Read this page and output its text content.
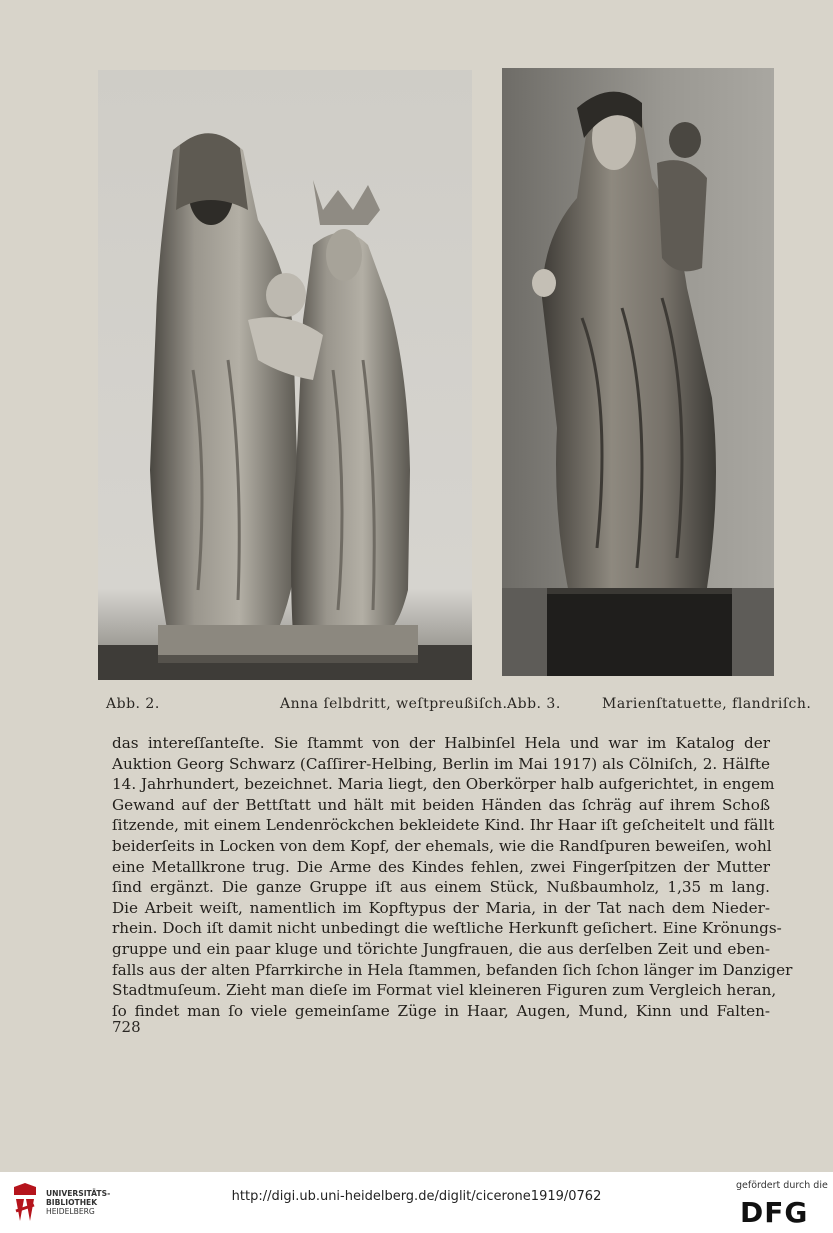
Abb. 2.	Anna ſelbdritt, weſtpreußiſch. Abb. 3.	Marienſtatuette, flandriſch.
das intereſſanteſte. Sie ſtammt von der Halbinſel Hela und war im Katalog der
Auktion Georg Schwarz (Caſſirer-Helbing, Berlin im Mai 1917) als Cölniſch, 2. Hälfte
14. Jahrhundert, bezeichnet. Maria liegt, den Oberkörper halb aufgerichtet, in engem
Gewand auf der Bettſtatt und hält mit beiden Händen das ſchräg auf ihrem Schoß
ſitzende, mit einem Lendenröckchen bekleidete Kind. Ihr Haar iſt geſcheitelt und fällt
beiderſeits in Locken von dem Kopf, der ehemals, wie die Randſpuren beweiſen, wohl
eine Metallkrone trug. Die Arme des Kindes fehlen, zwei Fingerſpitzen der Mutter
ſind ergänzt. Die ganze Gruppe iſt aus einem Stück, Nußbaumholz, 1,35 m lang.
Die Arbeit weiſt, namentlich im Kopftypus der Maria, in der Tat nach dem Nieder-
rhein. Doch iſt damit nicht unbedingt die weſtliche Herkunft geſichert. Eine Krönungs-
gruppe und ein paar kluge und törichte Jungfrauen, die aus derſelben Zeit und eben-
falls aus der alten Pfarrkirche in Hela ſtammen, befanden ſich ſchon länger im Danziger
Stadtmuſeum. Zieht man dieſe im Format viel kleineren Figuren zum Vergleich heran,
ſo findet man ſo viele gemeinſame Züge in Haar, Augen, Mund, Kinn und Falten-
728
UNIVERSITÄTS-
BIBLIOTHEK
HEIDELBERG
http://digi.ub.uni-heidelberg.de/diglit/cicerone1919/0762
gefördert durch die
DFG
